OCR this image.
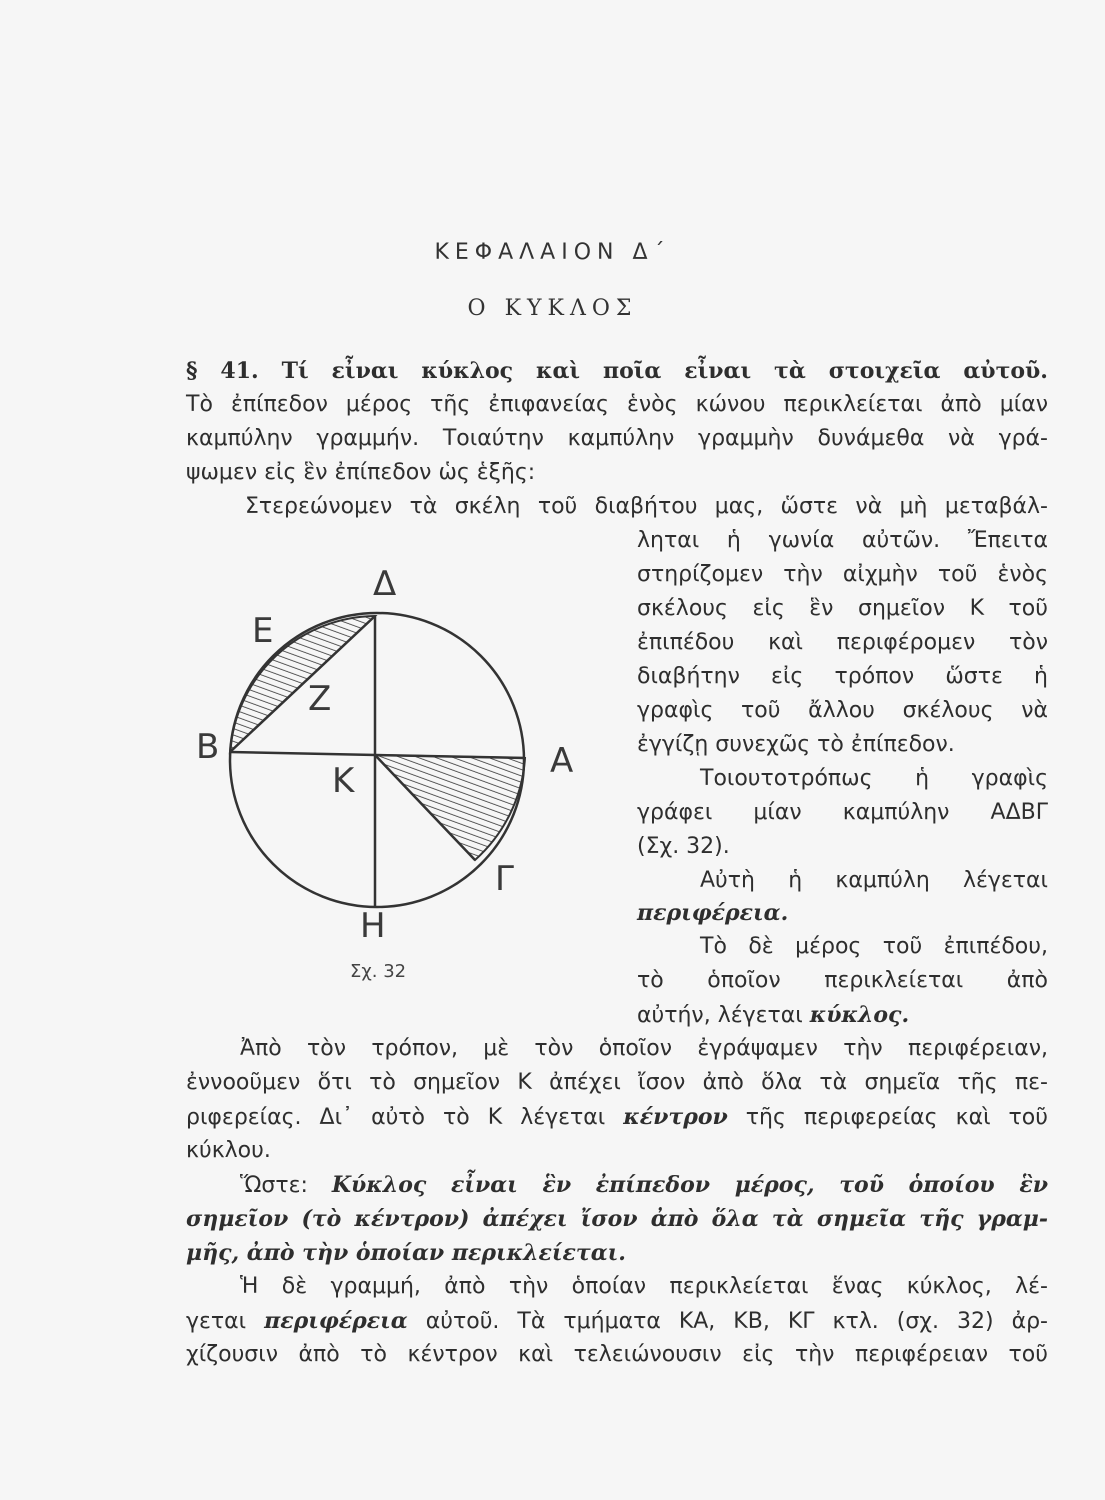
ΚΕΦΑΛΑΙΟΝ Δ΄
Ο ΚΥΚΛΟΣ
§ 41. Τί εἶναι κύκλος καὶ ποῖα εἶναι τὰ στοιχεῖα αὐτοῦ.
Τὸ ἐπίπεδον μέρος τῆς ἐπιφανείας ἑνὸς κώνου περικλείεται ἀπὸ μίαν
καμπύλην γραμμήν. Τοιαύτην καμπύλην γραμμὴν δυνάμεθα νὰ γρά-
ψωμεν εἰς ἓν ἐπίπεδον ὡς ἑξῆς:
Στερεώνομεν τὰ σκέλη τοῦ διαβήτου μας, ὥστε νὰ μὴ μεταβάλ-
ληται ἡ γωνία αὐτῶν. Ἔπειτα
στηρίζομεν τὴν αἰχμὴν τοῦ ἑνὸς
σκέλους εἰς ἓν σημεῖον Κ τοῦ
ἐπιπέδου καὶ περιφέρομεν τὸν
διαβήτην εἰς τρόπον ὥστε ἡ
γραφὶς τοῦ ἄλλου σκέλους νὰ
ἐγγίζῃ συνεχῶς τὸ ἐπίπεδον.
Τοιουτοτρόπως ἡ γραφὶς
γράφει μίαν καμπύλην ΑΔΒΓ
(Σχ. 32).
Αὐτὴ ἡ καμπύλη λέγεται
περιφέρεια.
Τὸ δὲ μέρος τοῦ ἐπιπέδου,
τὸ ὁποῖον περικλείεται ἀπὸ
αὐτήν, λέγεται κύκλος.
Ἀπὸ τὸν τρόπον, μὲ τὸν ὁποῖον ἐγράψαμεν τὴν περιφέρειαν,
ἐννοοῦμεν ὅτι τὸ σημεῖον Κ ἀπέχει ἴσον ἀπὸ ὅλα τὰ σημεῖα τῆς πε-
ριφερείας. Δι᾽ αὐτὸ τὸ Κ λέγεται κέντρον τῆς περιφερείας καὶ τοῦ
κύκλου.
Ὥστε: Κύκλος εἶναι ἓν ἐπίπεδον μέρος, τοῦ ὁποίου ἓν
σημεῖον (τὸ κέντρον) ἀπέχει ἴσον ἀπὸ ὅλα τὰ σημεῖα τῆς γραμ-
μῆς, ἀπὸ τὴν ὁποίαν περικλείεται.
Ἡ δὲ γραμμή, ἀπὸ τὴν ὁποίαν περικλείεται ἕνας κύκλος, λέ-
γεται περιφέρεια αὐτοῦ. Τὰ τμήματα ΚΑ, ΚΒ, ΚΓ κτλ. (σχ. 32) ἀρ-
χίζουσιν ἀπὸ τὸ κέντρον καὶ τελειώνουσιν εἰς τὴν περιφέρειαν τοῦ
Δ
Ε
Ζ
Β
Κ	Α
Γ
Η
Σχ. 32
